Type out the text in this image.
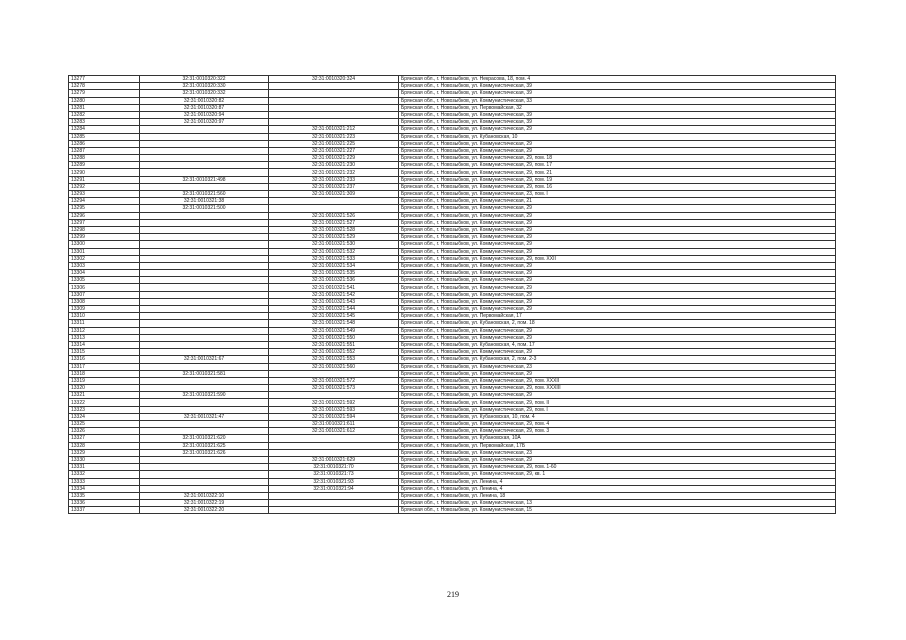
13277	32:31:0010320:322	32:31:0010320:324	Брянская обл., г. Новозыбков, ул. Некрасова, 18, пом. 4
13278	32:31:0010320:330		Брянская обл., г. Новозыбков, ул. Коммунистическая, 39
13279	32:31:0010320:332		Брянская обл., г. Новозыбков, ул. Коммунистическая, 39
13280	32:31:0010320:82		Брянская обл., г. Новозыбков, ул. Коммунистическая, 33
13281	32:31:0010320:87		Брянская обл., г. Новозыбков, ул. Первомайская, 32
13282	32:31:0010320:94		Брянская обл., г. Новозыбков, ул. Коммунистическая, 39
13283	32:31:0010320:97		Брянская обл., г. Новозыбков, ул. Коммунистическая, 39
13284		32:31:0010321:212	Брянская обл., г. Новозыбков, ул. Коммунистическая, 29
13285		32:31:0010321:223	Брянская обл., г. Новозыбков, ул. Кубановская, 10
13286		32:31:0010321:225	Брянская обл., г. Новозыбков, ул. Коммунистическая, 29
13287		32:31:0010321:227	Брянская обл., г. Новозыбков, ул. Коммунистическая, 29
13288		32:31:0010321:229	Брянская обл., г. Новозыбков, ул. Коммунистическая, 29, пом. 18
13289		32:31:0010321:230	Брянская обл., г. Новозыбков, ул. Коммунистическая, 29, пом. 17
13290		32:31:0010321:232	Брянская обл., г. Новозыбков, ул. Коммунистическая, 29, пом. 21
13291	32:31:0010321:498	32:31:0010321:233	Брянская обл., г. Новозыбков, ул. Коммунистическая, 29, пом. 19
13292		32:31:0010321:237	Брянская обл., г. Новозыбков, ул. Коммунистическая, 29, пом. 16
13293	32:31:0010321:560	32:31:0010321:309	Брянская обл., г. Новозыбков, ул. Коммунистическая, 23, пом. I
13294	32:31:0010321:38		Брянская обл., г. Новозыбков, ул. Коммунистическая, 21
13295	32:31:0010321:500		Брянская обл., г. Новозыбков, ул. Коммунистическая, 29
13296		32:31:0010321:526	Брянская обл., г. Новозыбков, ул. Коммунистическая, 29
13297		32:31:0010321:527	Брянская обл., г. Новозыбков, ул. Коммунистическая, 29
13298		32:31:0010321:528	Брянская обл., г. Новозыбков, ул. Коммунистическая, 29
13299		32:31:0010321:529	Брянская обл., г. Новозыбков, ул. Коммунистическая, 29
13300		32:31:0010321:530	Брянская обл., г. Новозыбков, ул. Коммунистическая, 29
13301		32:31:0010321:532	Брянская обл., г. Новозыбков, ул. Коммунистическая, 29
13302		32:31:0010321:533	Брянская обл., г. Новозыбков, ул. Коммунистическая, 29, пом. XXII
13303		32:31:0010321:534	Брянская обл., г. Новозыбков, ул. Коммунистическая, 29
13304		32:31:0010321:535	Брянская обл., г. Новозыбков, ул. Коммунистическая, 29
13305		32:31:0010321:536	Брянская обл., г. Новозыбков, ул. Коммунистическая, 29
13306		32:31:0010321:541	Брянская обл., г. Новозыбков, ул. Коммунистическая, 29
13307		32:31:0010321:542	Брянская обл., г. Новозыбков, ул. Коммунистическая, 29
13308		32:31:0010321:543	Брянская обл., г. Новозыбков, ул. Коммунистическая, 29
13309		32:31:0010321:544	Брянская обл., г. Новозыбков, ул. Коммунистическая, 29
13310		32:31:0010321:545	Брянская обл., г. Новозыбков, ул. Первомайская, 17
13311		32:31:0010321:548	Брянская обл., г. Новозыбков, ул. Кубановская, 2, пом. 18
13312		32:31:0010321:549	Брянская обл., г. Новозыбков, ул. Коммунистическая, 29
13313		32:31:0010321:550	Брянская обл., г. Новозыбков, ул. Коммунистическая, 29
13314		32:31:0010321:551	Брянская обл., г. Новозыбков, ул. Кубановская, 4, пом. 17
13315		32:31:0010321:552	Брянская обл., г. Новозыбков, ул. Коммунистическая, 29
13316	32:31:0010321:67	32:31:0010321:553	Брянская обл., г. Новозыбков, ул. Кубановская, 2, пом. 2-3
13317		32:31:0010321:560	Брянская обл., г. Новозыбков, ул. Коммунистическая, 23
13318	32:31:0010321:581		Брянская обл., г. Новозыбков, ул. Коммунистическая, 29
13319		32:31:0010321:572	Брянская обл., г. Новозыбков, ул. Коммунистическая, 29, пом. XXXII
13320		32:31:0010321:573	Брянская обл., г. Новозыбков, ул. Коммунистическая, 29, пом. XXXIII
13321	32:31:0010321:590		Брянская обл., г. Новозыбков, ул. Коммунистическая, 29
13322		32:31:0010321:592	Брянская обл., г. Новозыбков, ул. Коммунистическая, 29, пом. II
13323		32:31:0010321:593	Брянская обл., г. Новозыбков, ул. Коммунистическая, 29, пом. I
13324	32:31:0010321:47	32:31:0010321:594	Брянская обл., г. Новозыбков, ул. Кубановская, 10, пом. 4
13325		32:31:0010321:611	Брянская обл., г. Новозыбков, ул. Коммунистическая, 29, пом. 4
13326		32:31:0010321:612	Брянская обл., г. Новозыбков, ул. Коммунистическая, 29, пом. 3
13327	32:31:0010321:620		Брянская обл., г. Новозыбков, ул. Кубановская, 10А
13328	32:31:0010321:625		Брянская обл., г. Новозыбков, ул. Первомайская, 17Б
13329	32:31:0010321:626		Брянская обл., г. Новозыбков, ул. Коммунистическая, 23
13330		32:31:0010321:629	Брянская обл., г. Новозыбков, ул. Коммунистическая, 29
13331		32:31:0010321:70	Брянская обл., г. Новозыбков, ул. Коммунистическая, 29, пом. 1-60
13332		32:31:0010321:73	Брянская обл., г. Новозыбков, ул. Коммунистическая, 29, кв. 1
13333		32:31:0010321:93	Брянская обл., г. Новозыбков, ул. Ленина, 4
13334		32:31:0010321:94	Брянская обл., г. Новозыбков, ул. Ленина, 4
13335	32:31:0010322:10		Брянская обл., г. Новозыбков, ул. Ленина, 18
13336	32:31:0010322:19		Брянская обл., г. Новозыбков, ул. Коммунистическая, 13
13337	32:31:0010322:20		Брянская обл., г. Новозыбков, ул. Коммунистическая, 15
219
